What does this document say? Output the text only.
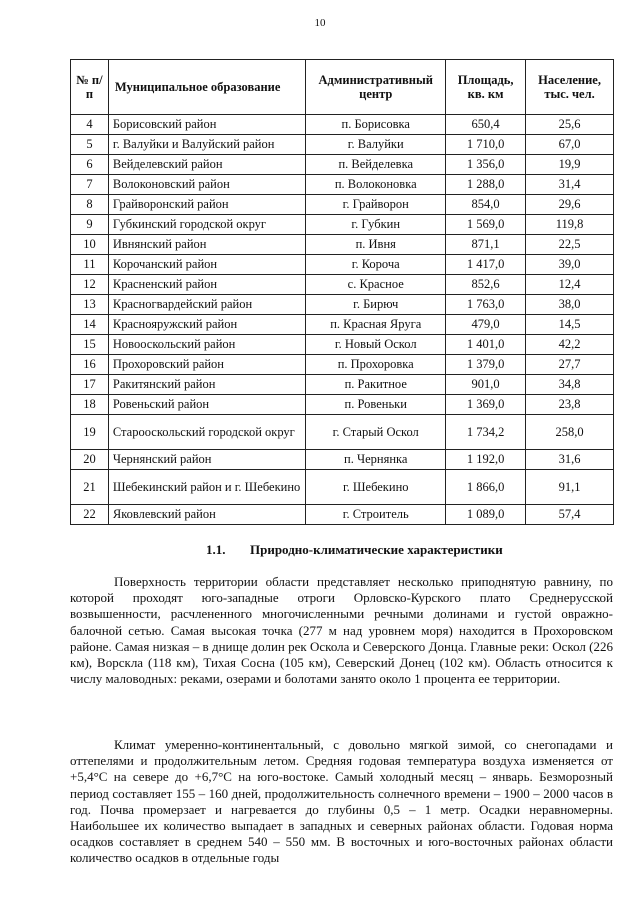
10
№ п/п	Муниципальное образование	Административный центр	Площадь, кв. км	Население, тыс. чел.
4	Борисовский район	п. Борисовка	650,4	25,6
5	г. Валуйки и Валуйский район	г. Валуйки	1 710,0	67,0
6	Вейделевский район	п. Вейделевка	1 356,0	19,9
7	Волоконовский район	п. Волоконовка	1 288,0	31,4
8	Грайворонский район	г. Грайворон	854,0	29,6
9	Губкинский городской округ	г. Губкин	1 569,0	119,8
10	Ивнянский район	п. Ивня	871,1	22,5
11	Корочанский район	г. Короча	1 417,0	39,0
12	Красненский район	с. Красное	852,6	12,4
13	Красногвардейский район	г. Бирюч	1 763,0	38,0
14	Краснояружский район	п. Красная Яруга	479,0	14,5
15	Новооскольский район	г. Новый Оскол	1 401,0	42,2
16	Прохоровский район	п. Прохоровка	1 379,0	27,7
17	Ракитянский район	п. Ракитное	901,0	34,8
18	Ровеньский район	п. Ровеньки	1 369,0	23,8
19	Старооскольский городской округ	г. Старый Оскол	1 734,2	258,0
20	Чернянский район	п. Чернянка	1 192,0	31,6
21	Шебекинский район и г. Шебекино	г. Шебекино	1 866,0	91,1
22	Яковлевский район	г. Строитель	1 089,0	57,4
1.1. Природно-климатические характеристики

Поверхность территории области представляет несколько приподнятую равнину, по которой проходят юго-западные отроги Орловско-Курского плато Среднерусской возвышенности, расчлененного многочисленными речными долинами и густой овражно-балочной сетью. Самая высокая точка (277 м над уровнем моря) находится в Прохоровском районе. Самая низкая – в днище долин рек Оскола и Северского Донца. Главные реки: Оскол (226 км), Ворскла (118 км), Тихая Сосна (105 км), Северский Донец (102 км). Область относится к числу маловодных: реками, озерами и болотами занято около 1 процента ее территории.

Климат умеренно-континентальный, с довольно мягкой зимой, со снегопадами и оттепелями и продолжительным летом. Средняя годовая температура воздуха изменяется от +5,4°С на севере до +6,7°С на юго-востоке. Самый холодный месяц – январь. Безморозный период составляет 155 – 160 дней, продолжительность солнечного времени – 1900 – 2000 часов в год. Почва промерзает и нагревается до глубины 0,5 – 1 метр. Осадки неравномерны. Наибольшее их количество выпадает в западных и северных районах области. Годовая норма осадков составляет в среднем 540 – 550 мм. В восточных и юго-восточных районах области количество осадков в отдельные годы
